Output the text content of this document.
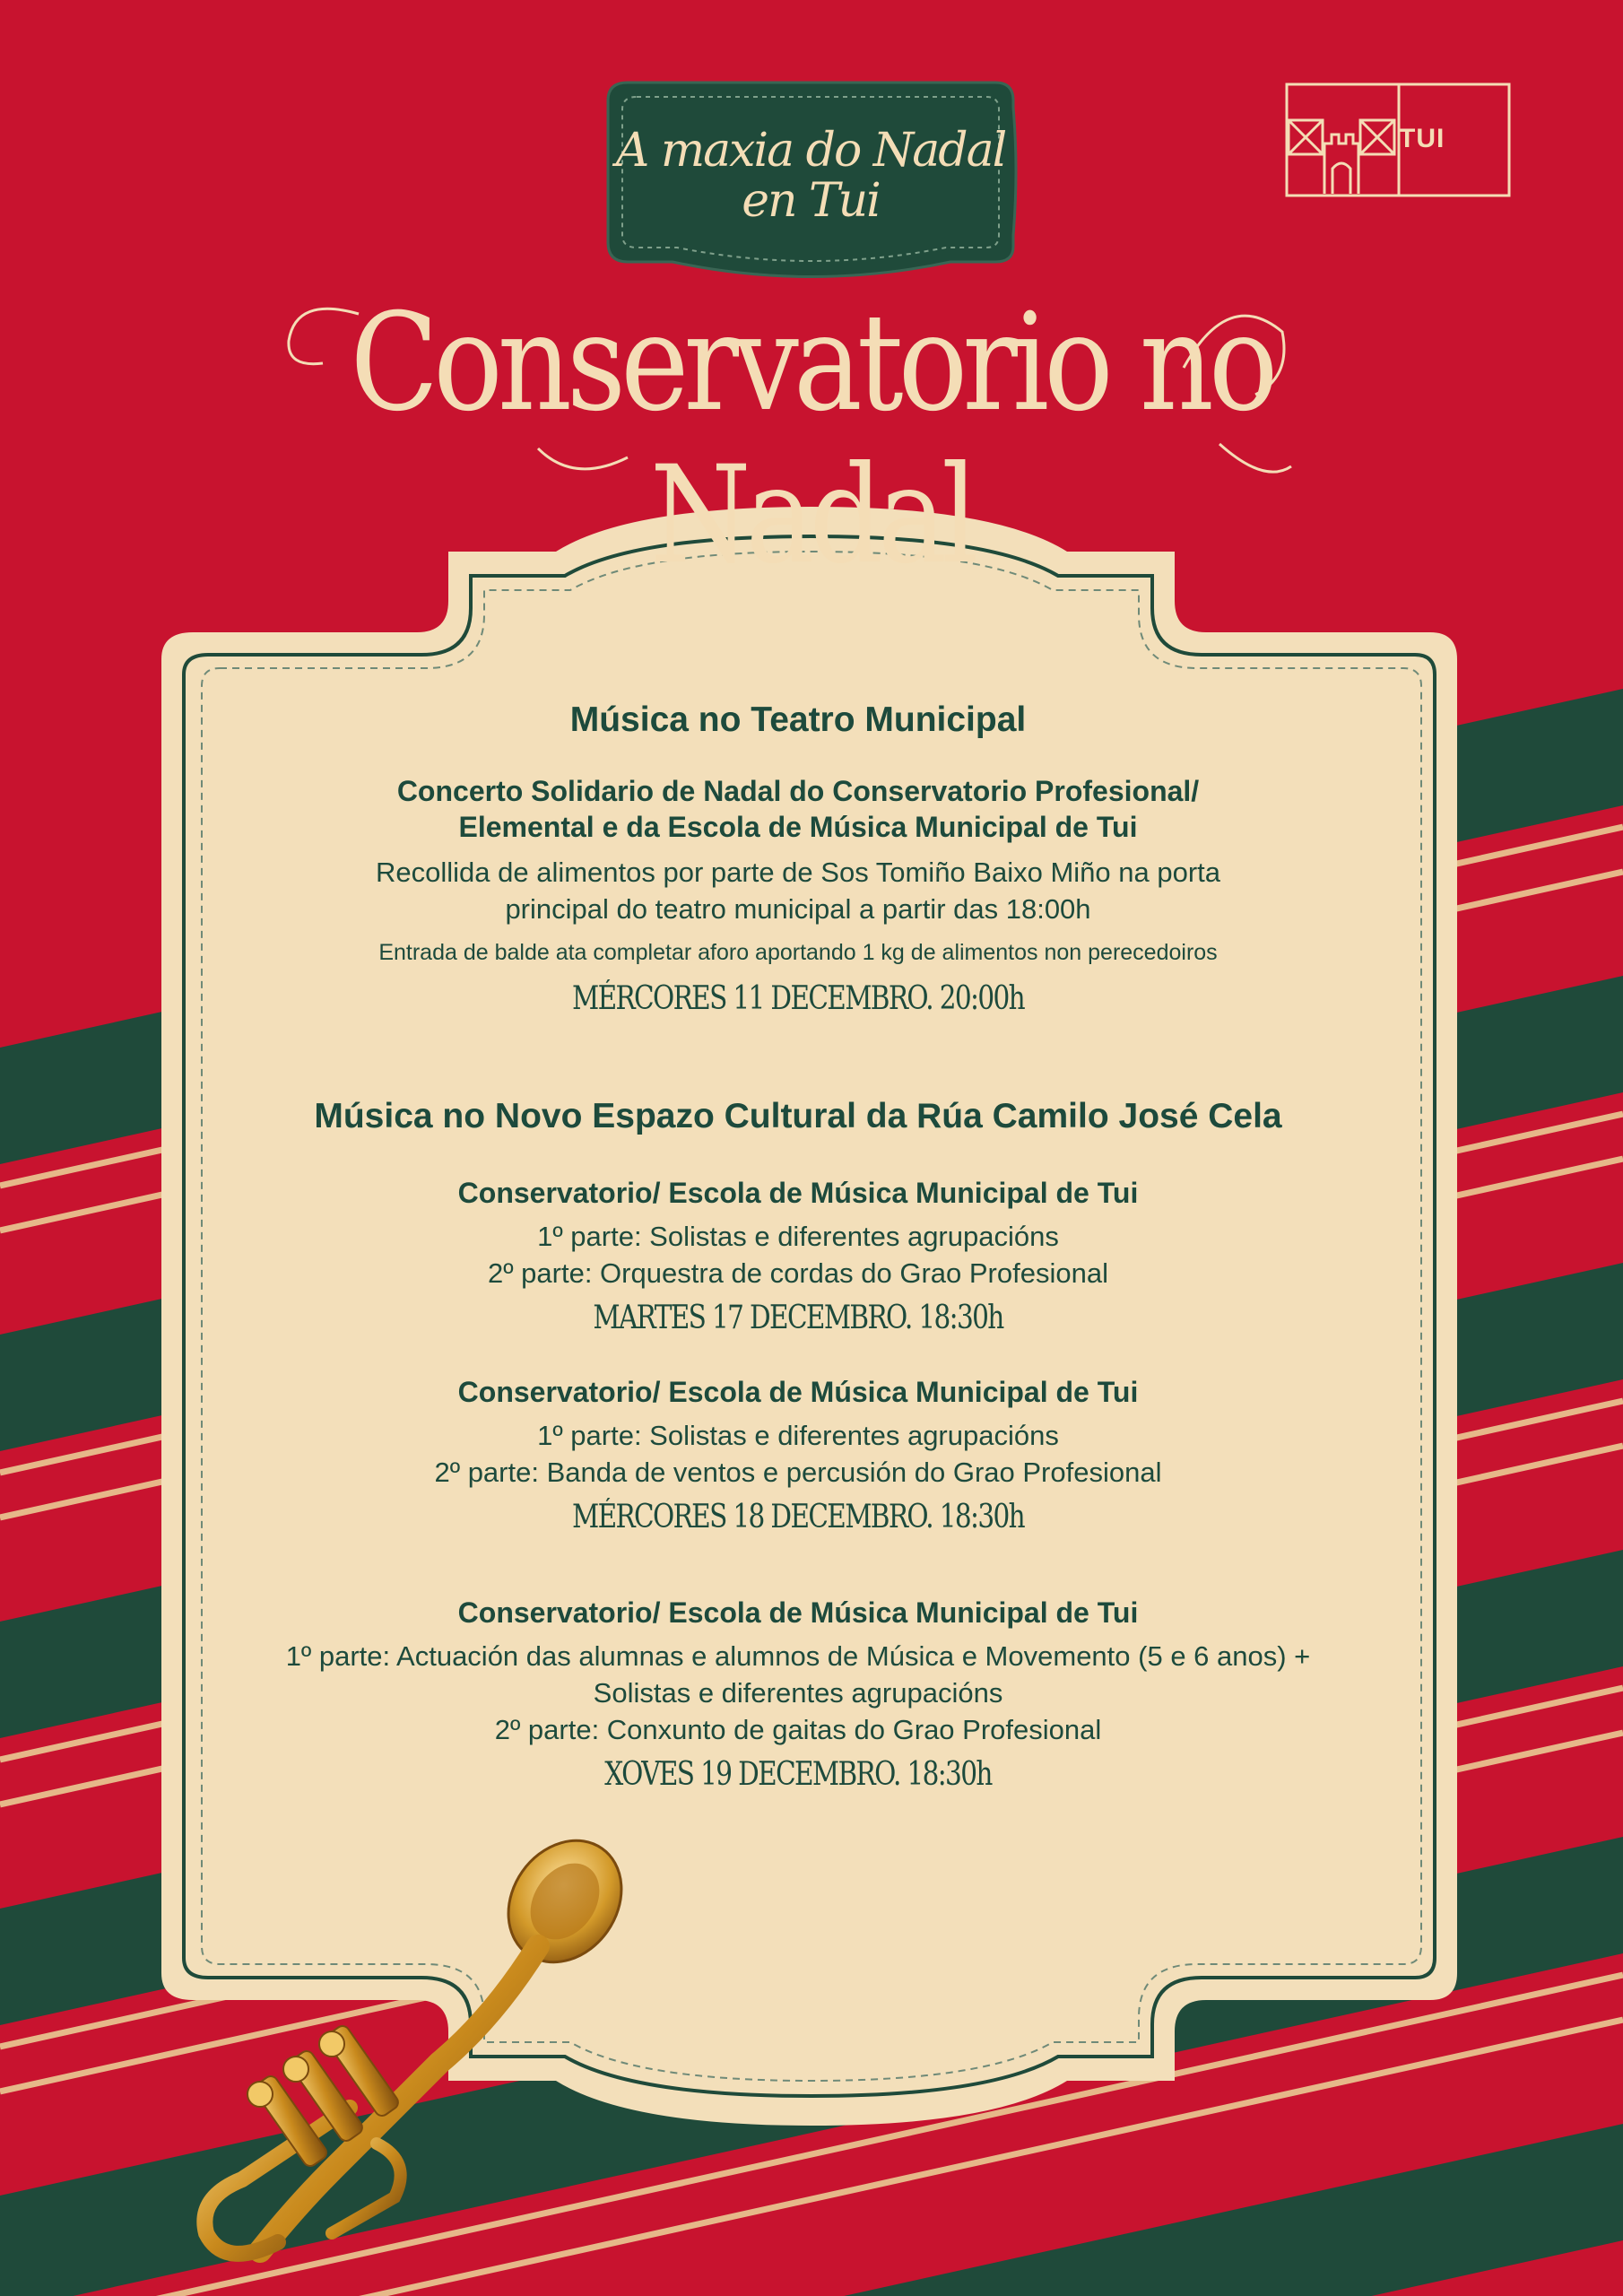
A maxia do Nadal
en Tui
TUI
Conservatorio no Nadal
Música no Teatro Municipal

Concerto Solidario de Nadal do Conservatorio Profesional/

Elemental e da Escola de Música Municipal de Tui

Recollida de alimentos por parte de Sos Tomiño Baixo Miño na porta

principal do teatro municipal a partir das 18:00h

Entrada de balde ata completar aforo aportando 1 kg de alimentos non perecedoiros

MÉRCORES 11 DECEMBRO. 20:00h

Música no Novo Espazo Cultural da Rúa Camilo José Cela

Conservatorio/ Escola de Música Municipal de Tui

1º parte: Solistas e diferentes agrupacións

2º parte: Orquestra de cordas do Grao Profesional

MARTES 17 DECEMBRO. 18:30h

Conservatorio/ Escola de Música Municipal de Tui

1º parte: Solistas e diferentes agrupacións

2º parte: Banda de ventos e percusión do Grao Profesional

MÉRCORES 18 DECEMBRO. 18:30h

Conservatorio/ Escola de Música Municipal de Tui

1º parte: Actuación das alumnas e alumnos de Música e Movemento (5 e 6 anos) +

Solistas e diferentes agrupacións

2º parte: Conxunto de gaitas do Grao Profesional

XOVES 19 DECEMBRO. 18:30h
